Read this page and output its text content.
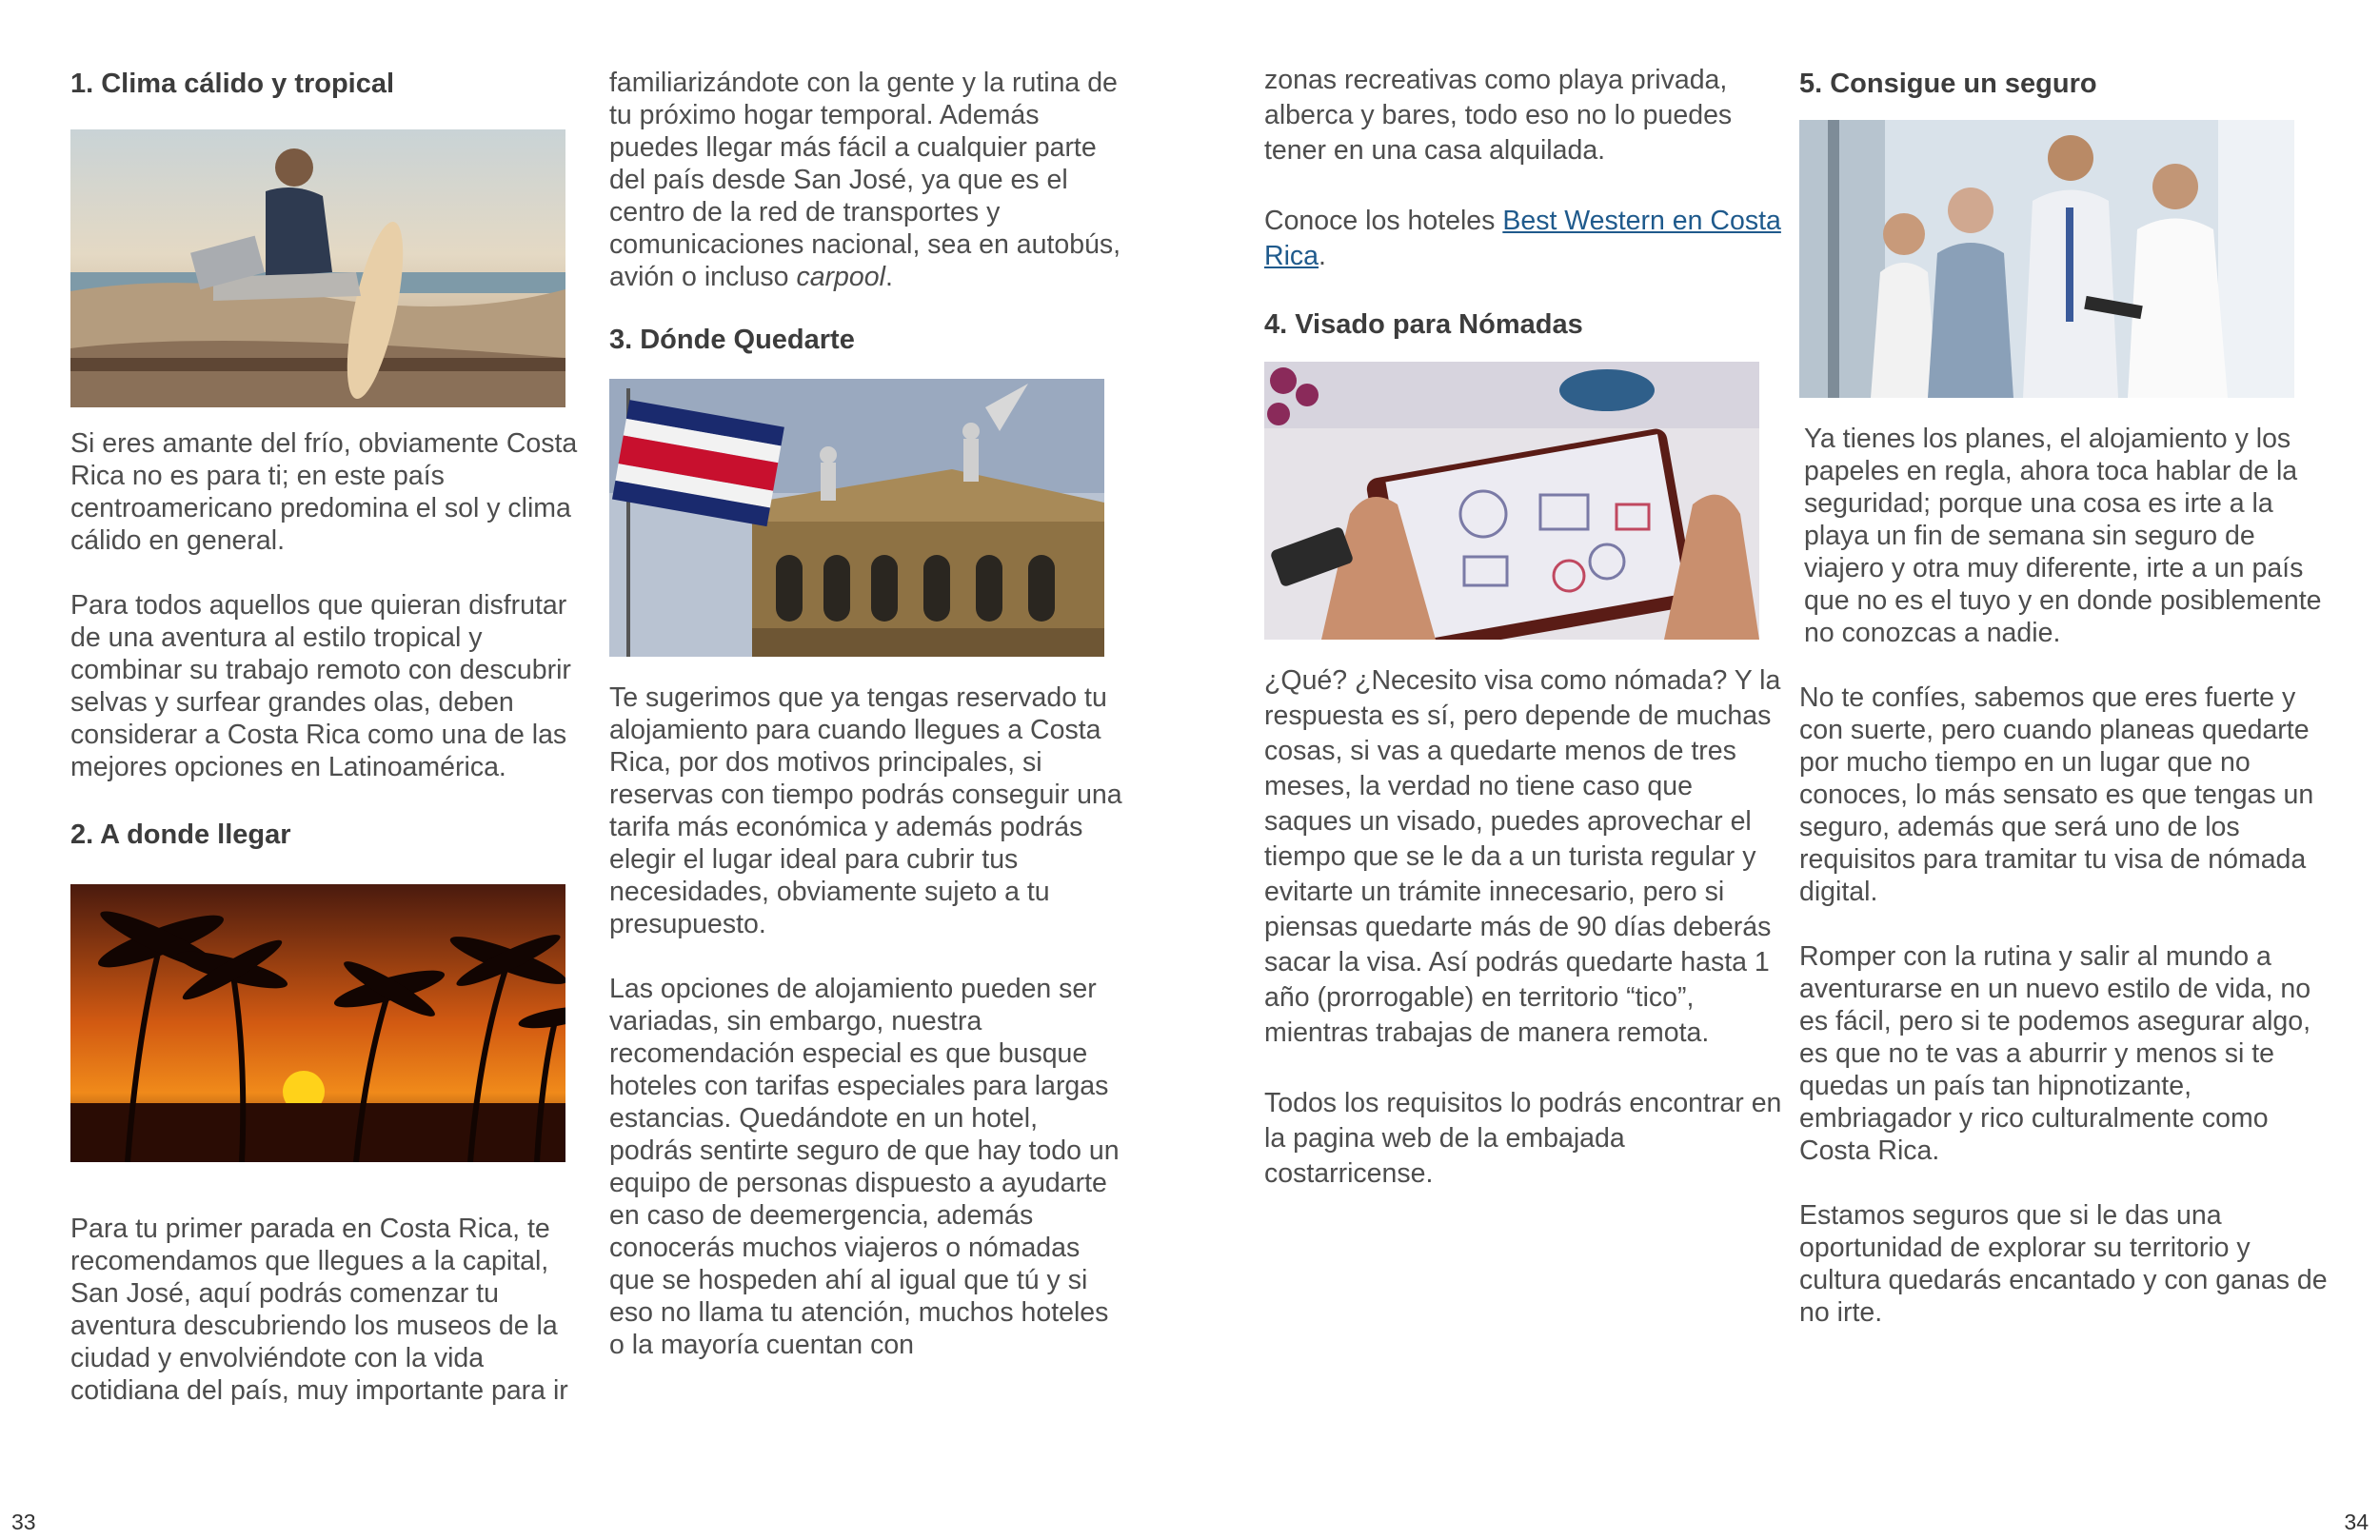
1. Clima cálido y tropical

Si eres amante del frío, obviamente Costa Rica no es para ti; en este país centroamericano predomina el sol y clima cálido en general.

Para todos aquellos que quieran disfrutar de una aventura al estilo tropical y combinar su trabajo remoto con descubrir selvas y surfear grandes olas, deben considerar a Costa Rica como una de las mejores opciones en Latinoamérica.

2. A donde llegar

Para tu primer parada en Costa Rica, te recomendamos que llegues a la capital, San José, aquí podrás comenzar tu aventura descubriendo los museos de la ciudad y envolviéndote con la vida cotidiana del país, muy importante para ir

familiarizándote con la gente y la rutina de tu próximo hogar temporal. Además puedes llegar más fácil a cualquier parte del país desde San José, ya que es el centro de la red de transportes y comunicaciones nacional, sea en autobús, avión o incluso carpool.

3. Dónde Quedarte

Te sugerimos que ya tengas reservado tu alojamiento para cuando llegues a Costa Rica, por dos motivos principales, si reservas con tiempo podrás conseguir una tarifa más económica y además podrás elegir el lugar ideal para cubrir tus necesidades, obviamente sujeto a tu presupuesto.

Las opciones de alojamiento pueden ser variadas, sin embargo, nuestra recomendación especial es que busque hoteles con tarifas especiales para largas estancias. Quedándote en un hotel, podrás sentirte seguro de que hay todo un equipo de personas dispuesto a ayudarte en caso de deemergencia, además conocerás muchos viajeros o nómadas que se hospeden ahí al igual que tú y si eso no llama tu atención, muchos hoteles o la mayoría cuentan con

zonas recreativas como playa privada, alberca y bares, todo eso no lo puedes tener en una casa alquilada.

Conoce los hoteles Best Western en Costa Rica.

4. Visado para Nómadas

¿Qué? ¿Necesito visa como nómada? Y la respuesta es sí, pero depende de muchas cosas, si vas a quedarte menos de tres meses, la verdad no tiene caso que saques un visado, puedes aprovechar el tiempo que se le da a un turista regular y evitarte un trámite innecesario, pero si piensas quedarte más de 90 días deberás sacar la visa. Así podrás quedarte hasta 1 año (prorrogable) en territorio “tico”, mientras trabajas de manera remota.

Todos los requisitos lo podrás encontrar en la pagina web de la embajada costarricense.

5. Consigue un seguro

Ya tienes los planes, el alojamiento y los papeles en regla, ahora toca hablar de la seguridad; porque una cosa es irte a la playa un fin de semana sin seguro de viajero y otra muy diferente, irte a un país que no es el tuyo y en donde posiblemente no conozcas a nadie.

No te confíes, sabemos que eres fuerte y con suerte, pero cuando planeas quedarte por mucho tiempo en un lugar que no conoces, lo más sensato es que tengas un seguro, además que será uno de los requisitos para tramitar tu visa de nómada digital.

Romper con la rutina y salir al mundo a aventurarse en un nuevo estilo de vida, no es fácil, pero si te podemos asegurar algo, es que no te vas a aburrir y menos si te quedas un país tan hipnotizante, embriagador y rico culturalmente como Costa Rica.

Estamos seguros que si le das una oportunidad de explorar su territorio y cultura quedarás encantado y con ganas de no irte.

33	34
